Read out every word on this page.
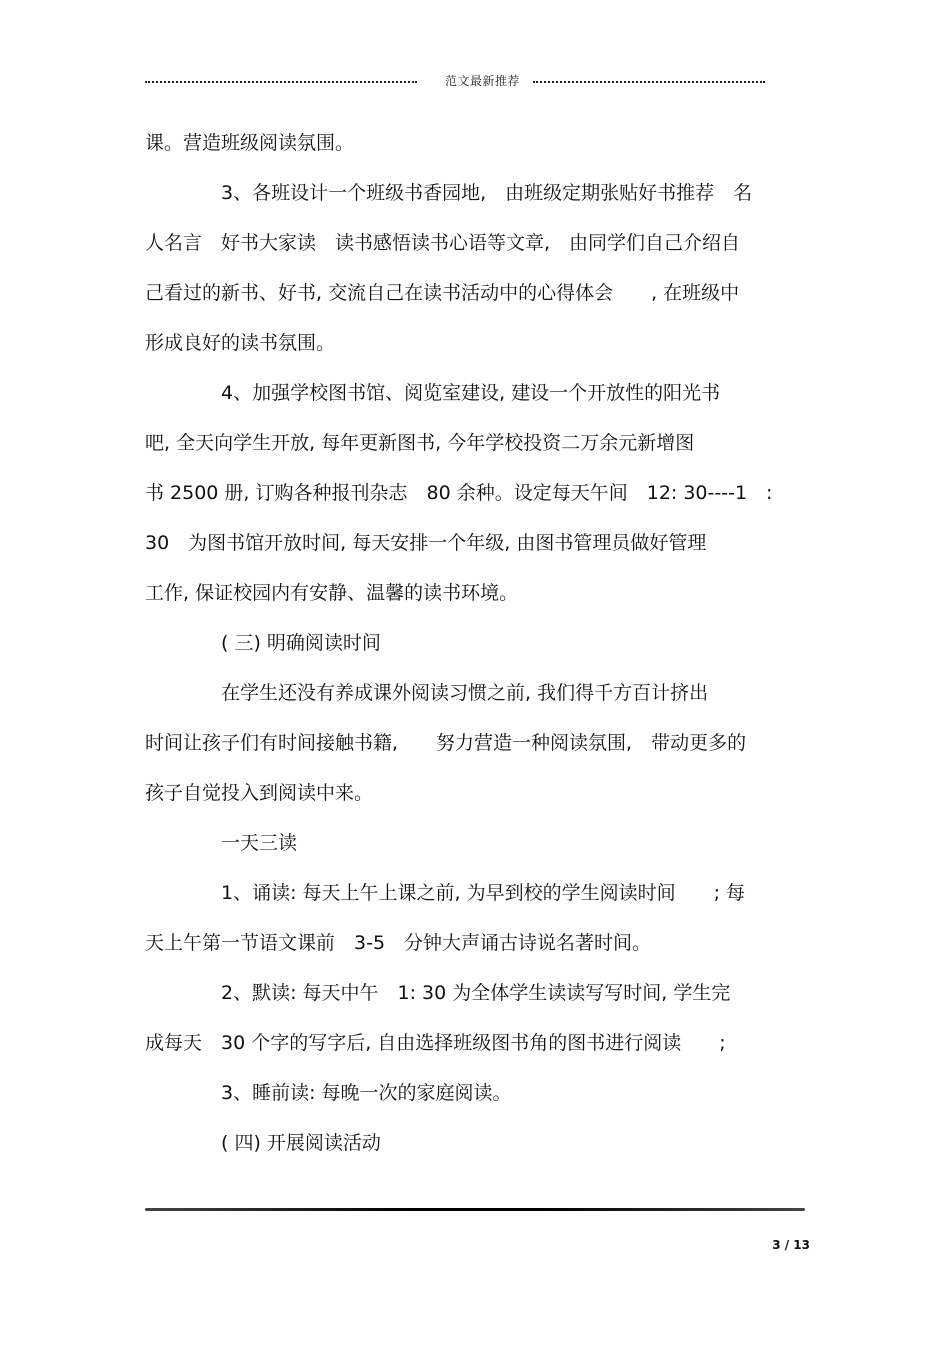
范文最新推荐
课。营造班级阅读氛围。
3、各班设计一个班级书香园地,　由班级定期张贴好书推荐　名
人名言　好书大家读　读书感悟读书心语等文章,　由同学们自己介绍自
己看过的新书、好书, 交流自己在读书活动中的心得体会　　, 在班级中
形成良好的读书氛围。
4、加强学校图书馆、阅览室建设, 建设一个开放性的阳光书
吧, 全天向学生开放, 每年更新图书, 今年学校投资二万余元新增图
书 2500 册, 订购各种报刊杂志　80 余种。设定每天午间　12: 30----1　:
30　为图书馆开放时间, 每天安排一个年级, 由图书管理员做好管理
工作, 保证校园内有安静、温馨的读书环境。
( 三) 明确阅读时间
在学生还没有养成课外阅读习惯之前, 我们得千方百计挤出
时间让孩子们有时间接触书籍,　　努力营造一种阅读氛围,　带动更多的
孩子自觉投入到阅读中来。
一天三读
1、诵读: 每天上午上课之前, 为早到校的学生阅读时间　　; 每
天上午第一节语文课前　3-5　分钟大声诵古诗说名著时间。
2、默读: 每天中午　1: 30 为全体学生读读写写时间, 学生完
成每天　30 个字的写字后, 自由选择班级图书角的图书进行阅读　　;
3、睡前读: 每晚一次的家庭阅读。
( 四) 开展阅读活动
3 / 13
